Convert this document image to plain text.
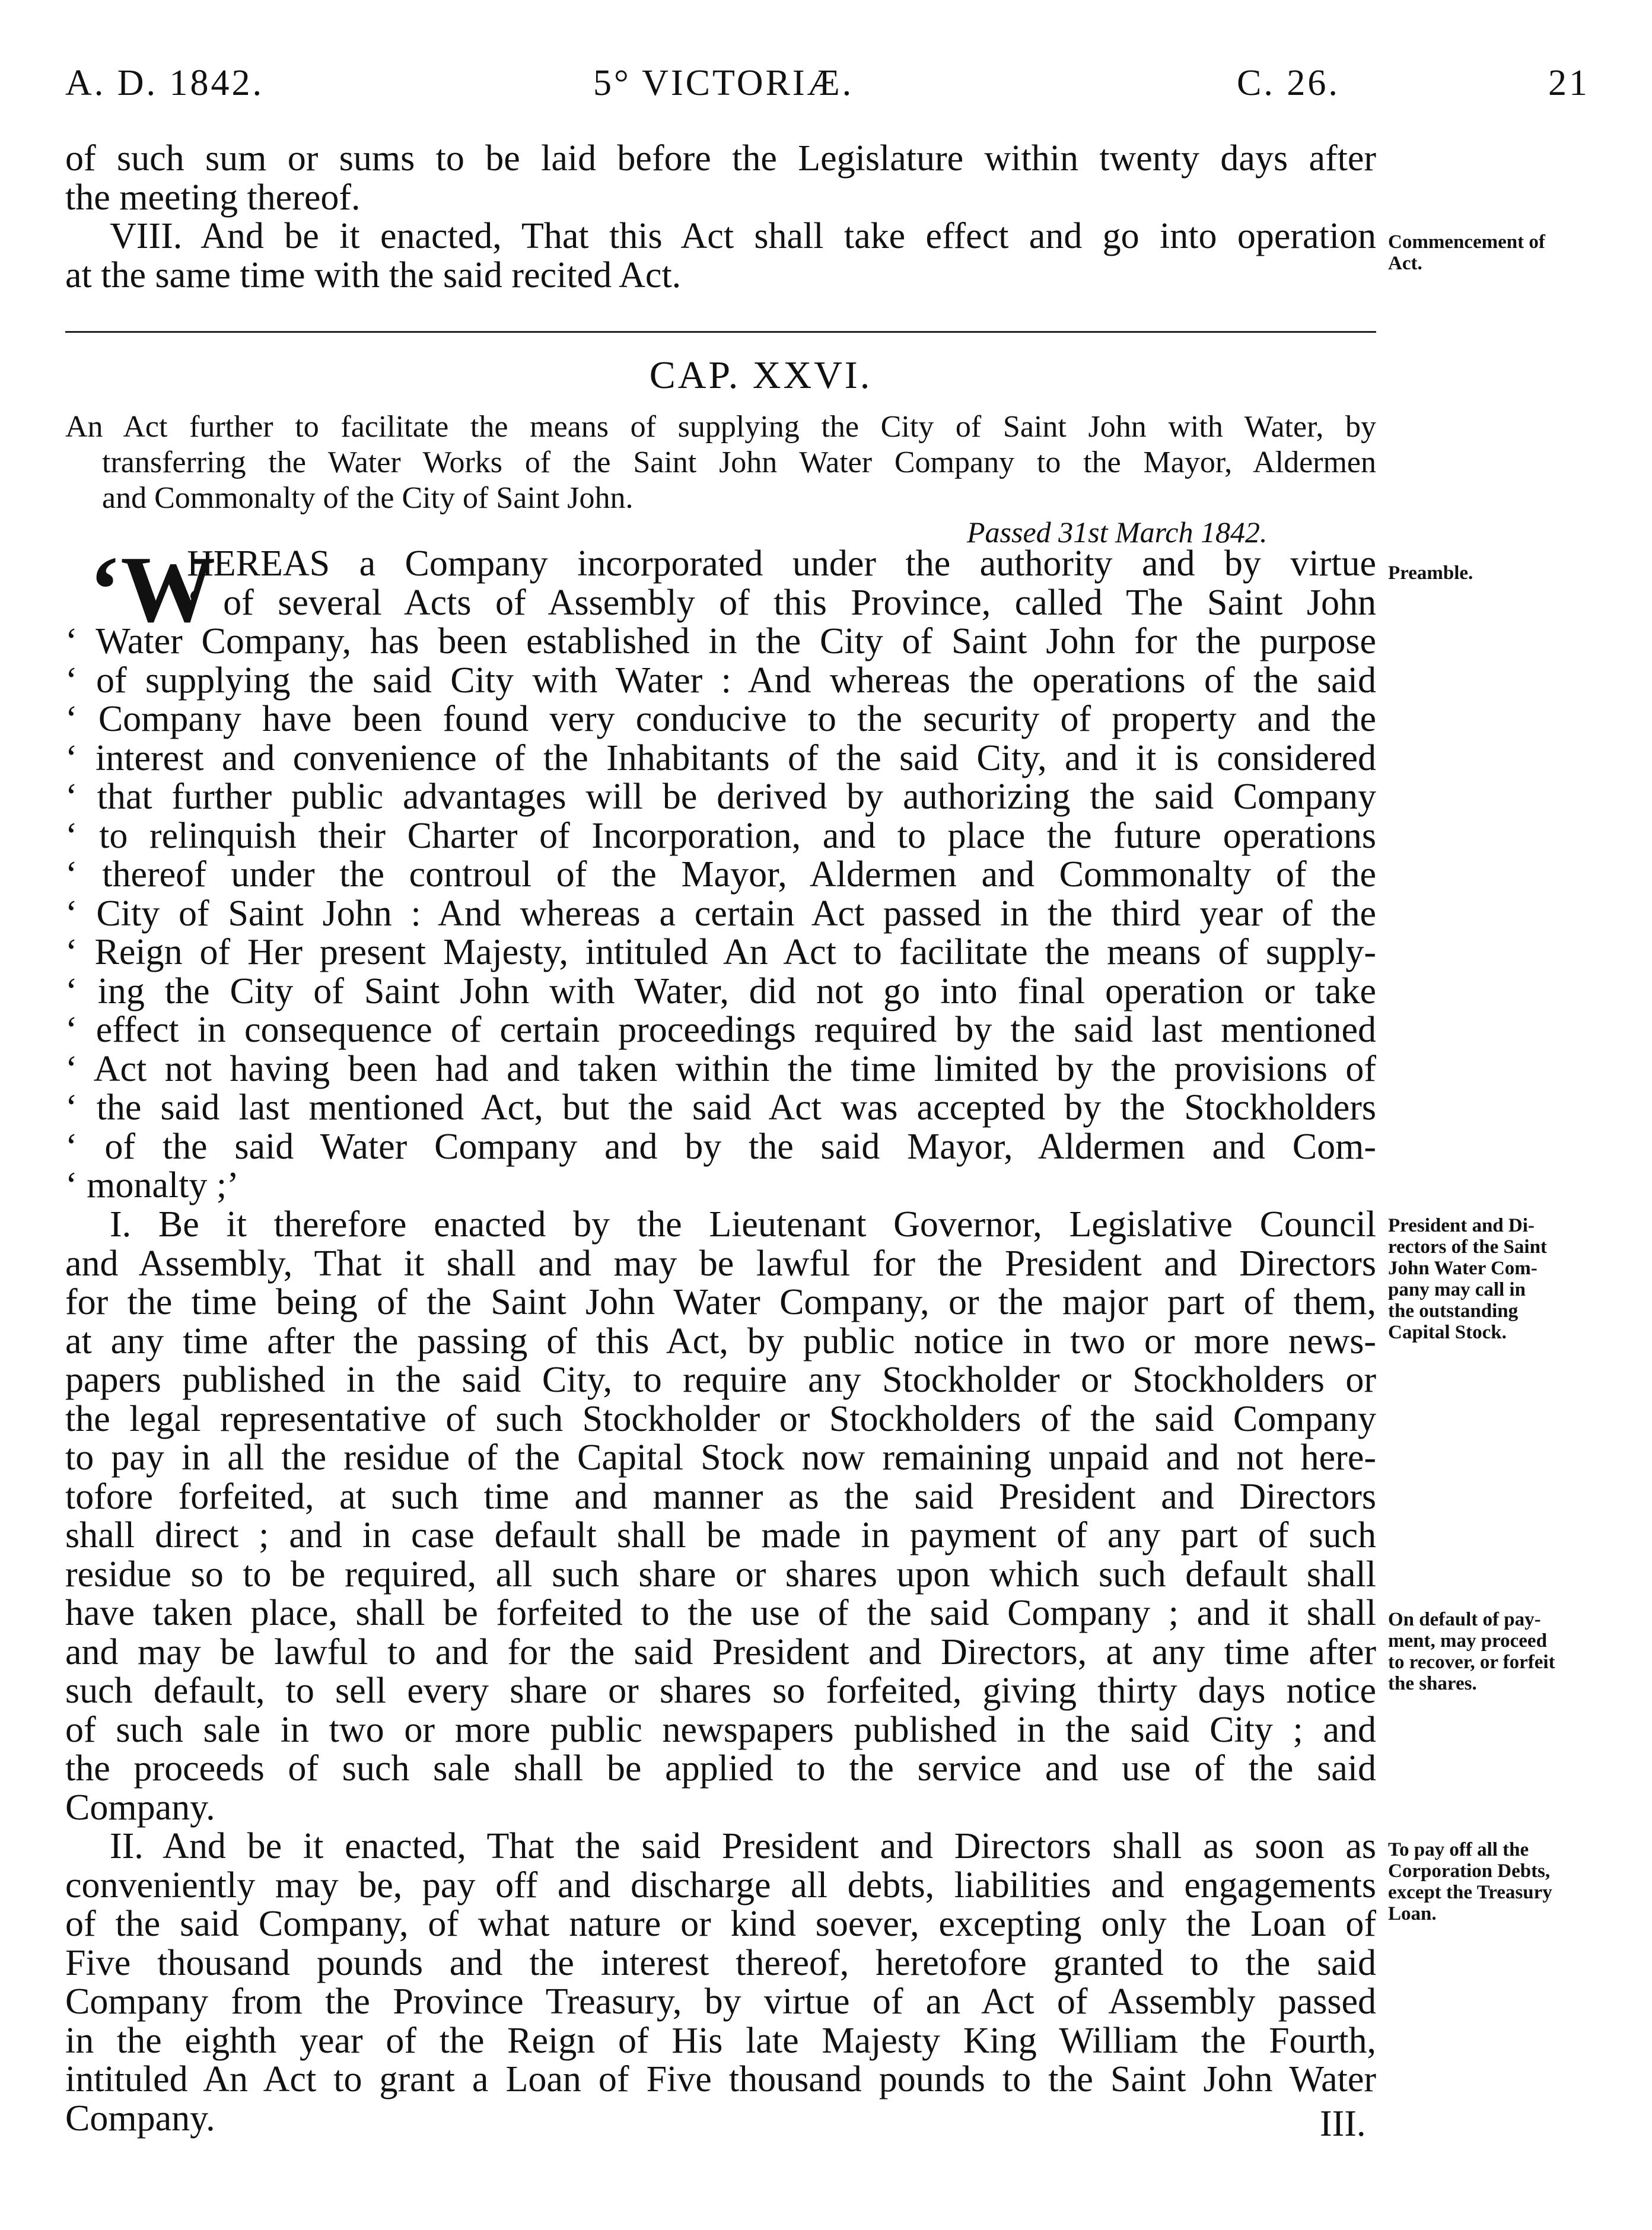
A. D. 1842.	5° VICTORIÆ.	C. 26.	21
of such sum or sums to be laid before the Legislature within twenty days after
the meeting thereof.
VIII. And be it enacted, That this Act shall take effect and go into operation
at the same time with the said recited Act.
Commencement of
Act.
CAP. XXVI.
An Act further to facilitate the means of supplying the City of Saint John with Water, by
transferring the Water Works of the Saint John Water Company to the Mayor, Aldermen
and Commonalty of the City of Saint John.
Passed 31st March 1842.
‘W
HEREAS a Company incorporated under the authority and by virtue
‘ of several Acts of Assembly of this Province, called The Saint John
‘ Water Company, has been established in the City of Saint John for the purpose
‘ of supplying the said City with Water : And whereas the operations of the said
‘ Company have been found very conducive to the security of property and the
‘ interest and convenience of the Inhabitants of the said City, and it is considered
‘ that further public advantages will be derived by authorizing the said Company
‘ to relinquish their Charter of Incorporation, and to place the future operations
‘ thereof under the controul of the Mayor, Aldermen and Commonalty of the
‘ City of Saint John : And whereas a certain Act passed in the third year of the
‘ Reign of Her present Majesty, intituled An Act to facilitate the means of supply-
‘ ing the City of Saint John with Water, did not go into final operation or take
‘ effect in consequence of certain proceedings required by the said last mentioned
‘ Act not having been had and taken within the time limited by the provisions of
‘ the said last mentioned Act, but the said Act was accepted by the Stockholders
‘ of the said Water Company and by the said Mayor, Aldermen and Com-
‘ monalty ;’
Preamble.
I. Be it therefore enacted by the Lieutenant Governor, Legislative Council
and Assembly, That it shall and may be lawful for the President and Directors
for the time being of the Saint John Water Company, or the major part of them,
at any time after the passing of this Act, by public notice in two or more news-
papers published in the said City, to require any Stockholder or Stockholders or
the legal representative of such Stockholder or Stockholders of the said Company
to pay in all the residue of the Capital Stock now remaining unpaid and not here-
tofore forfeited, at such time and manner as the said President and Directors
shall direct ; and in case default shall be made in payment of any part of such
residue so to be required, all such share or shares upon which such default shall
have taken place, shall be forfeited to the use of the said Company ; and it shall
and may be lawful to and for the said President and Directors, at any time after
such default, to sell every share or shares so forfeited, giving thirty days notice
of such sale in two or more public newspapers published in the said City ; and
the proceeds of such sale shall be applied to the service and use of the said
Company.
President and Di-
rectors of the Saint
John Water Com-
pany may call in
the outstanding
Capital Stock.
On default of pay-
ment, may proceed
to recover, or forfeit
the shares.
II. And be it enacted, That the said President and Directors shall as soon as
conveniently may be, pay off and discharge all debts, liabilities and engagements
of the said Company, of what nature or kind soever, excepting only the Loan of
Five thousand pounds and the interest thereof, heretofore granted to the said
Company from the Province Treasury, by virtue of an Act of Assembly passed
in the eighth year of the Reign of His late Majesty King William the Fourth,
intituled An Act to grant a Loan of Five thousand pounds to the Saint John Water
Company.
To pay off all the
Corporation Debts,
except the Treasury
Loan.
III.
